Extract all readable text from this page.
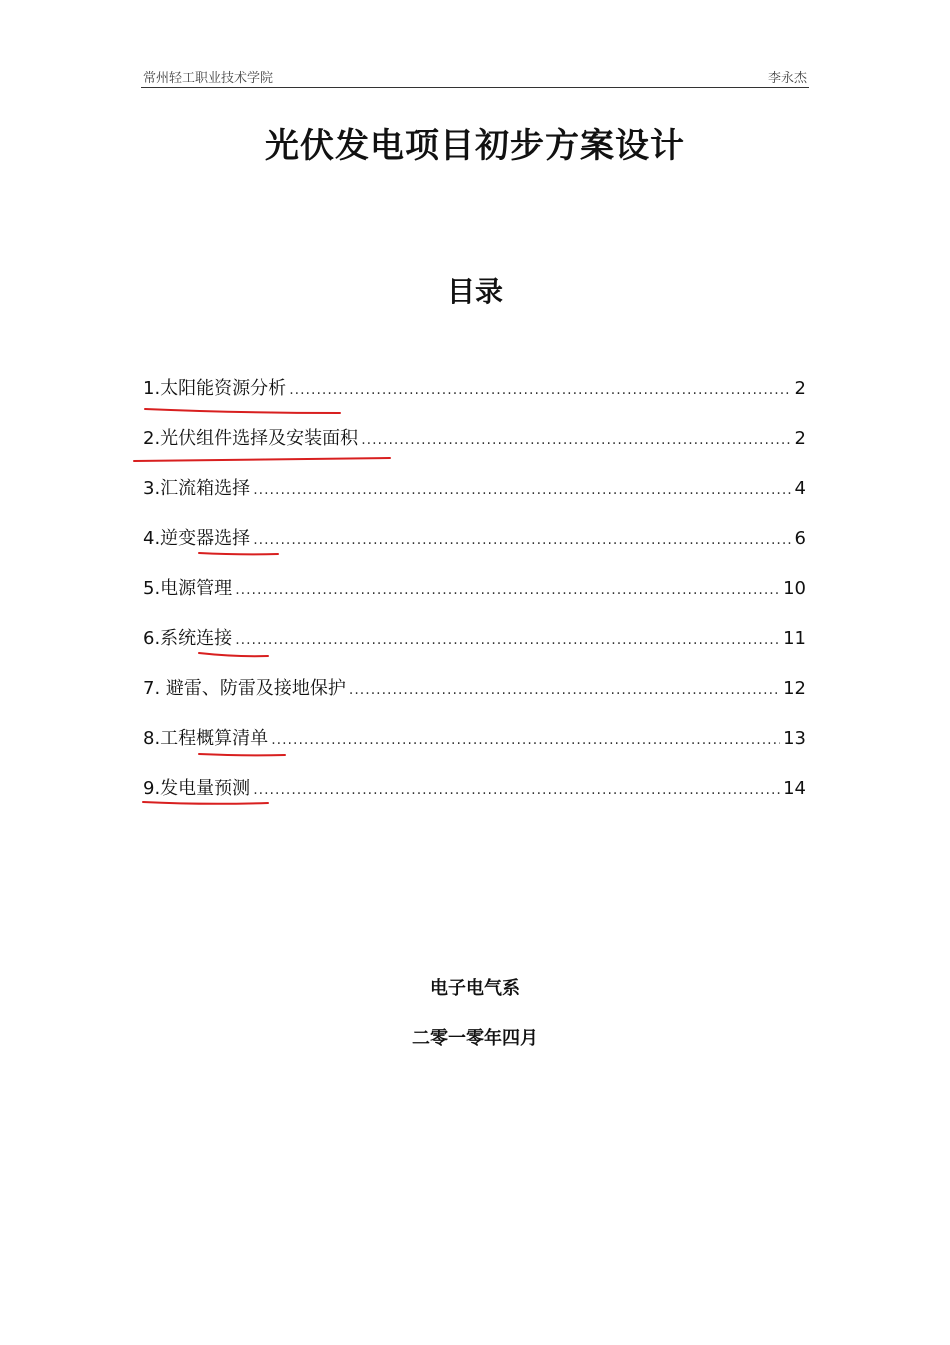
常州轻工职业技术学院	李永杰
光伏发电项目初步方案设计
目录
1.太阳能资源分析 .....	2
2.光伏组件选择及安装面积 .....	2
3.汇流箱选择 .....	4
4.逆变器选择 .....	6
5.电源管理 .....	10
6.系统连接 .....	11
7. 避雷、防雷及接地保护 .....	12
8.工程概算清单 .....	13
9.发电量预测 .....	14
电子电气系
二零一零年四月
